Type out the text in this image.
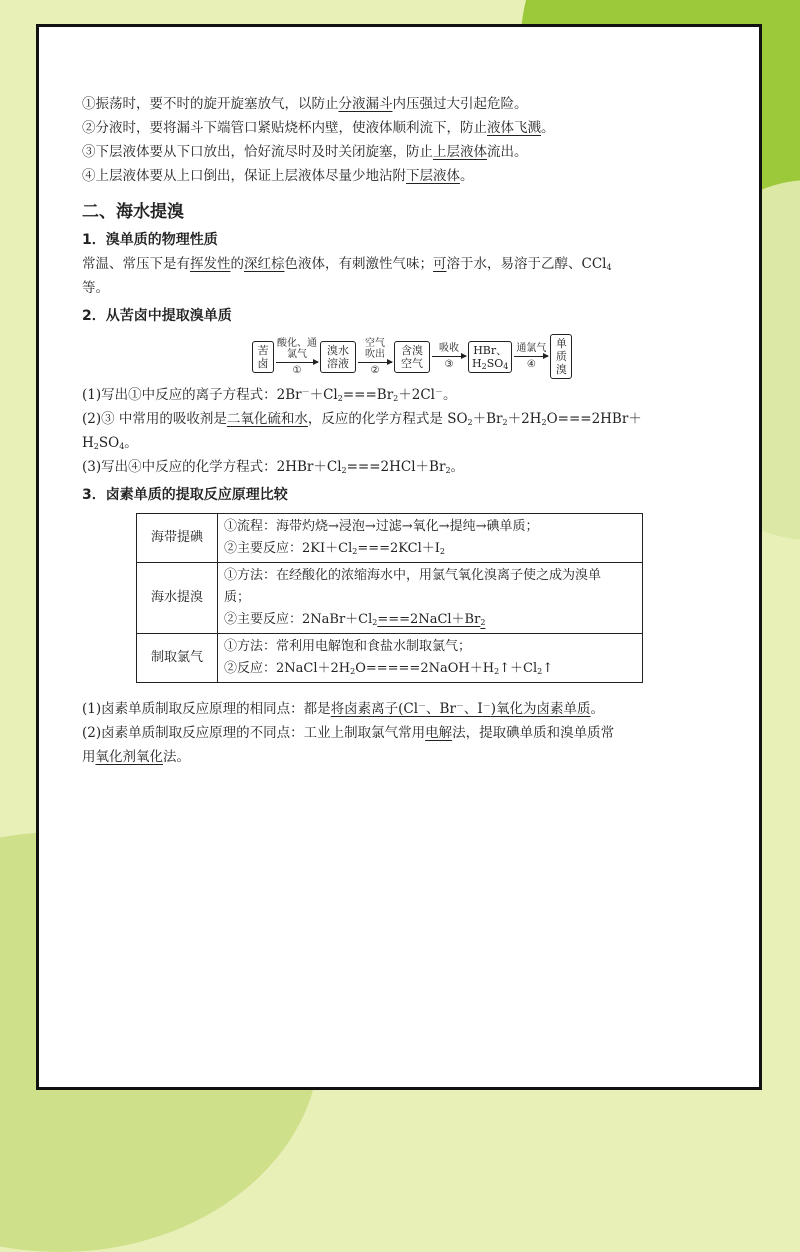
①振荡时，要不时的旋开旋塞放气，以防止分液漏斗内压强过大引起危险。
②分液时，要将漏斗下端管口紧贴烧杯内壁，使液体顺利流下，防止液体飞溅。
③下层液体要从下口放出，恰好流尽时及时关闭旋塞，防止上层液体流出。
④上层液体要从上口倒出，保证上层液体尽量少地沾附下层液体。
二、海水提溴
1．溴单质的物理性质
常温、常压下是有挥发性的深红棕色液体，有刺激性气味；可溶于水，易溶于乙醇、CCl$_4$
等。
2．从苦卤中提取溴单质
苦卤
酸化、通氯气
①
溴水溶液
空气吹出
②
含溴空气
吸收
③
HBr、
$H_2SO_4$
通氯气
④
单质溴
(1)写出①中反应的离子方程式：$2Br^-+Cl_2===Br_2+2Cl^-$。
(2)③ 中常用的吸收剂是二氧化硫和水，反应的化学方程式是 $SO_2+Br_2+2H_2O===2HBr+$
$H_2SO_4$。
(3)写出④中反应的化学方程式：$2HBr+Cl_2===2HCl+Br_2$。
3．卤素单质的提取反应原理比较
海带提碘	①流程：海带灼烧→浸泡→过滤→氧化→提纯→碘单质；
②主要反应：$2KI+Cl_2===2KCl+I_2$

海水提溴	①方法：在经酸化的浓缩海水中，用氯气氧化溴离子使之成为溴单
质；
②主要反应：$2NaBr+Cl_2===2NaCl+Br_2$

制取氯气	①方法：常利用电解饱和食盐水制取氯气；
②反应：$2NaCl+2H_2O=====2NaOH+H_2↑+Cl_2↑$
(1)卤素单质制取反应原理的相同点：都是将卤素离子(Cl－、Br－、I－)氧化为卤素单质。
(2)卤素单质制取反应原理的不同点：工业上制取氯气常用电解法，提取碘单质和溴单质常
用氧化剂氧化法。
